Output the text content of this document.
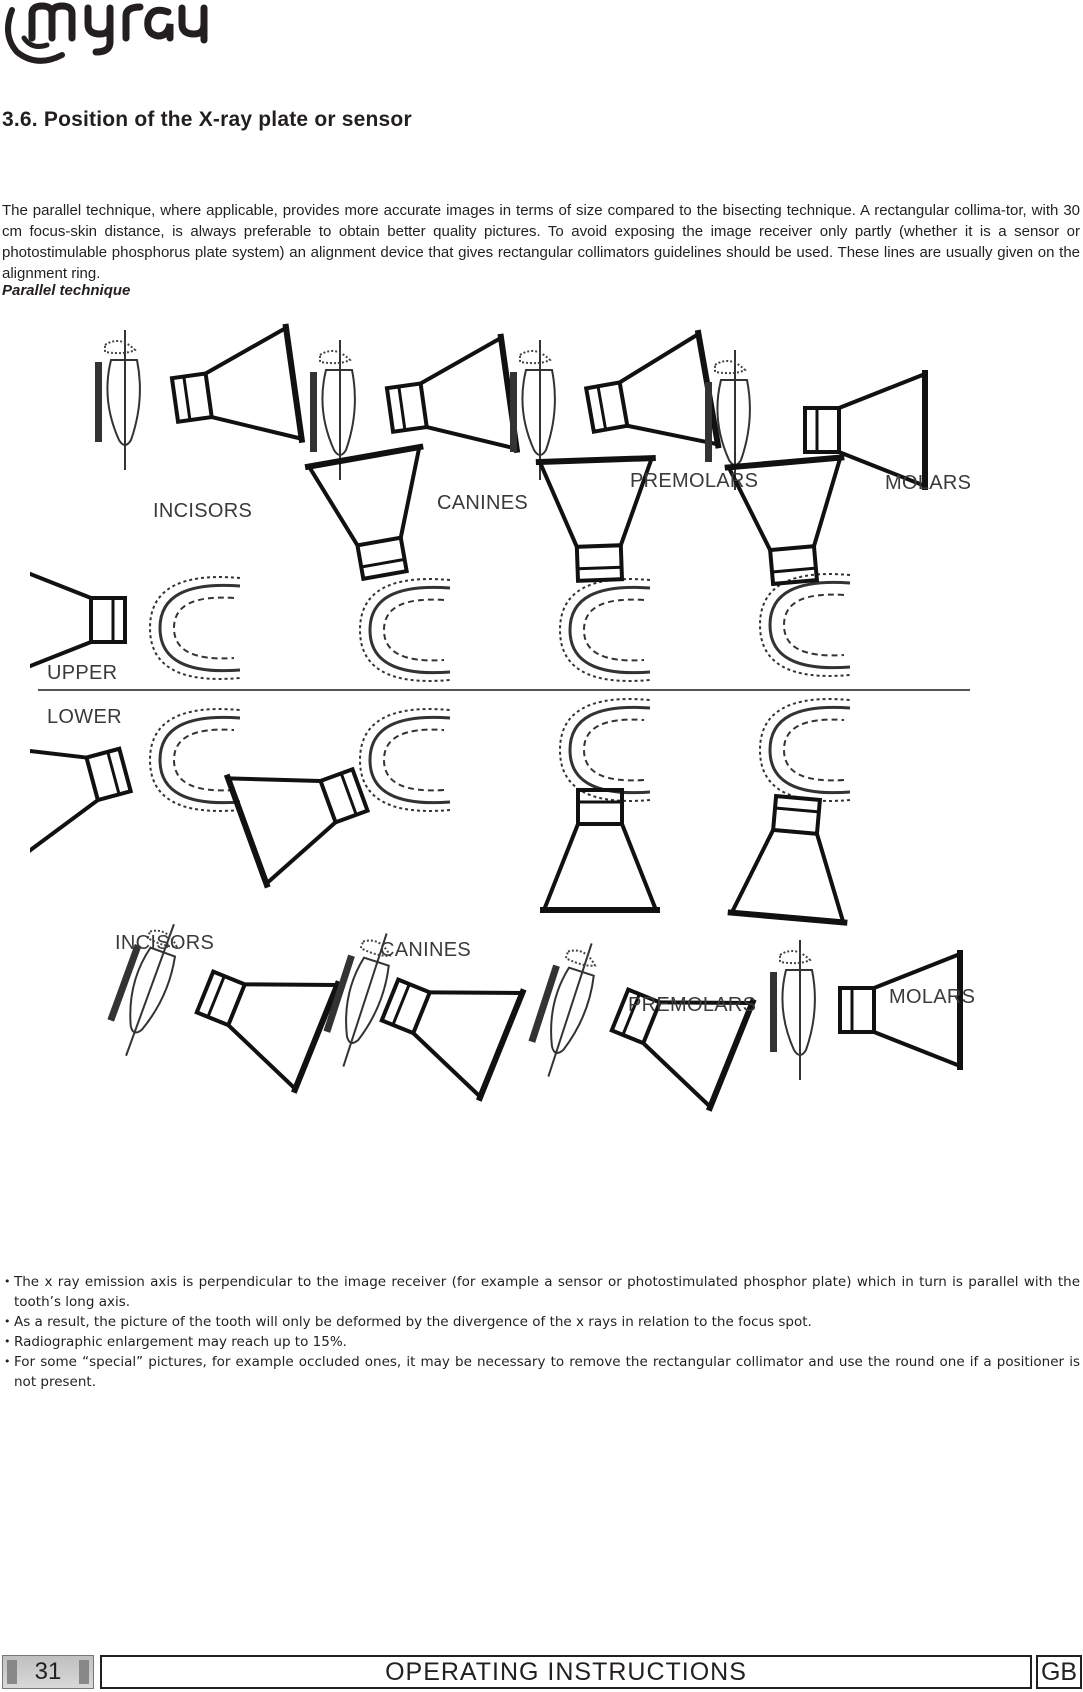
3.6. Position of the X-ray plate or sensor
The parallel technique, where applicable, provides more accurate images in terms of size compared to the bisecting technique. A rectangular collima-tor, with 30 cm focus-skin distance, is always preferable to obtain better quality pictures. To avoid exposing the image receiver only partly (whether it is a sensor or photostimulable phosphorus plate system) an alignment device that gives rectangular collimators guidelines should be used. These lines are usually given on the alignment ring.
Parallel technique
INCISORS	CANINES
PREMOLARS	MOLARS
UPPER
LOWER
INCISORS	CANINES
PREMOLARS	MOLARS
• The x ray emission axis is perpendicular to the image receiver (for example a sensor or photostimulated phosphor plate) which in turn is parallel with the tooth’s long axis.
• As a result, the picture of the tooth will only be deformed by the divergence of the x rays in relation to the focus spot.
• Radiographic enlargement may reach up to 15%.
• For some “special” pictures, for example occluded ones, it may be necessary to remove the rectangular collimator and use the round one if a positioner is not present.
31	OPERATING INSTRUCTIONS	GB
